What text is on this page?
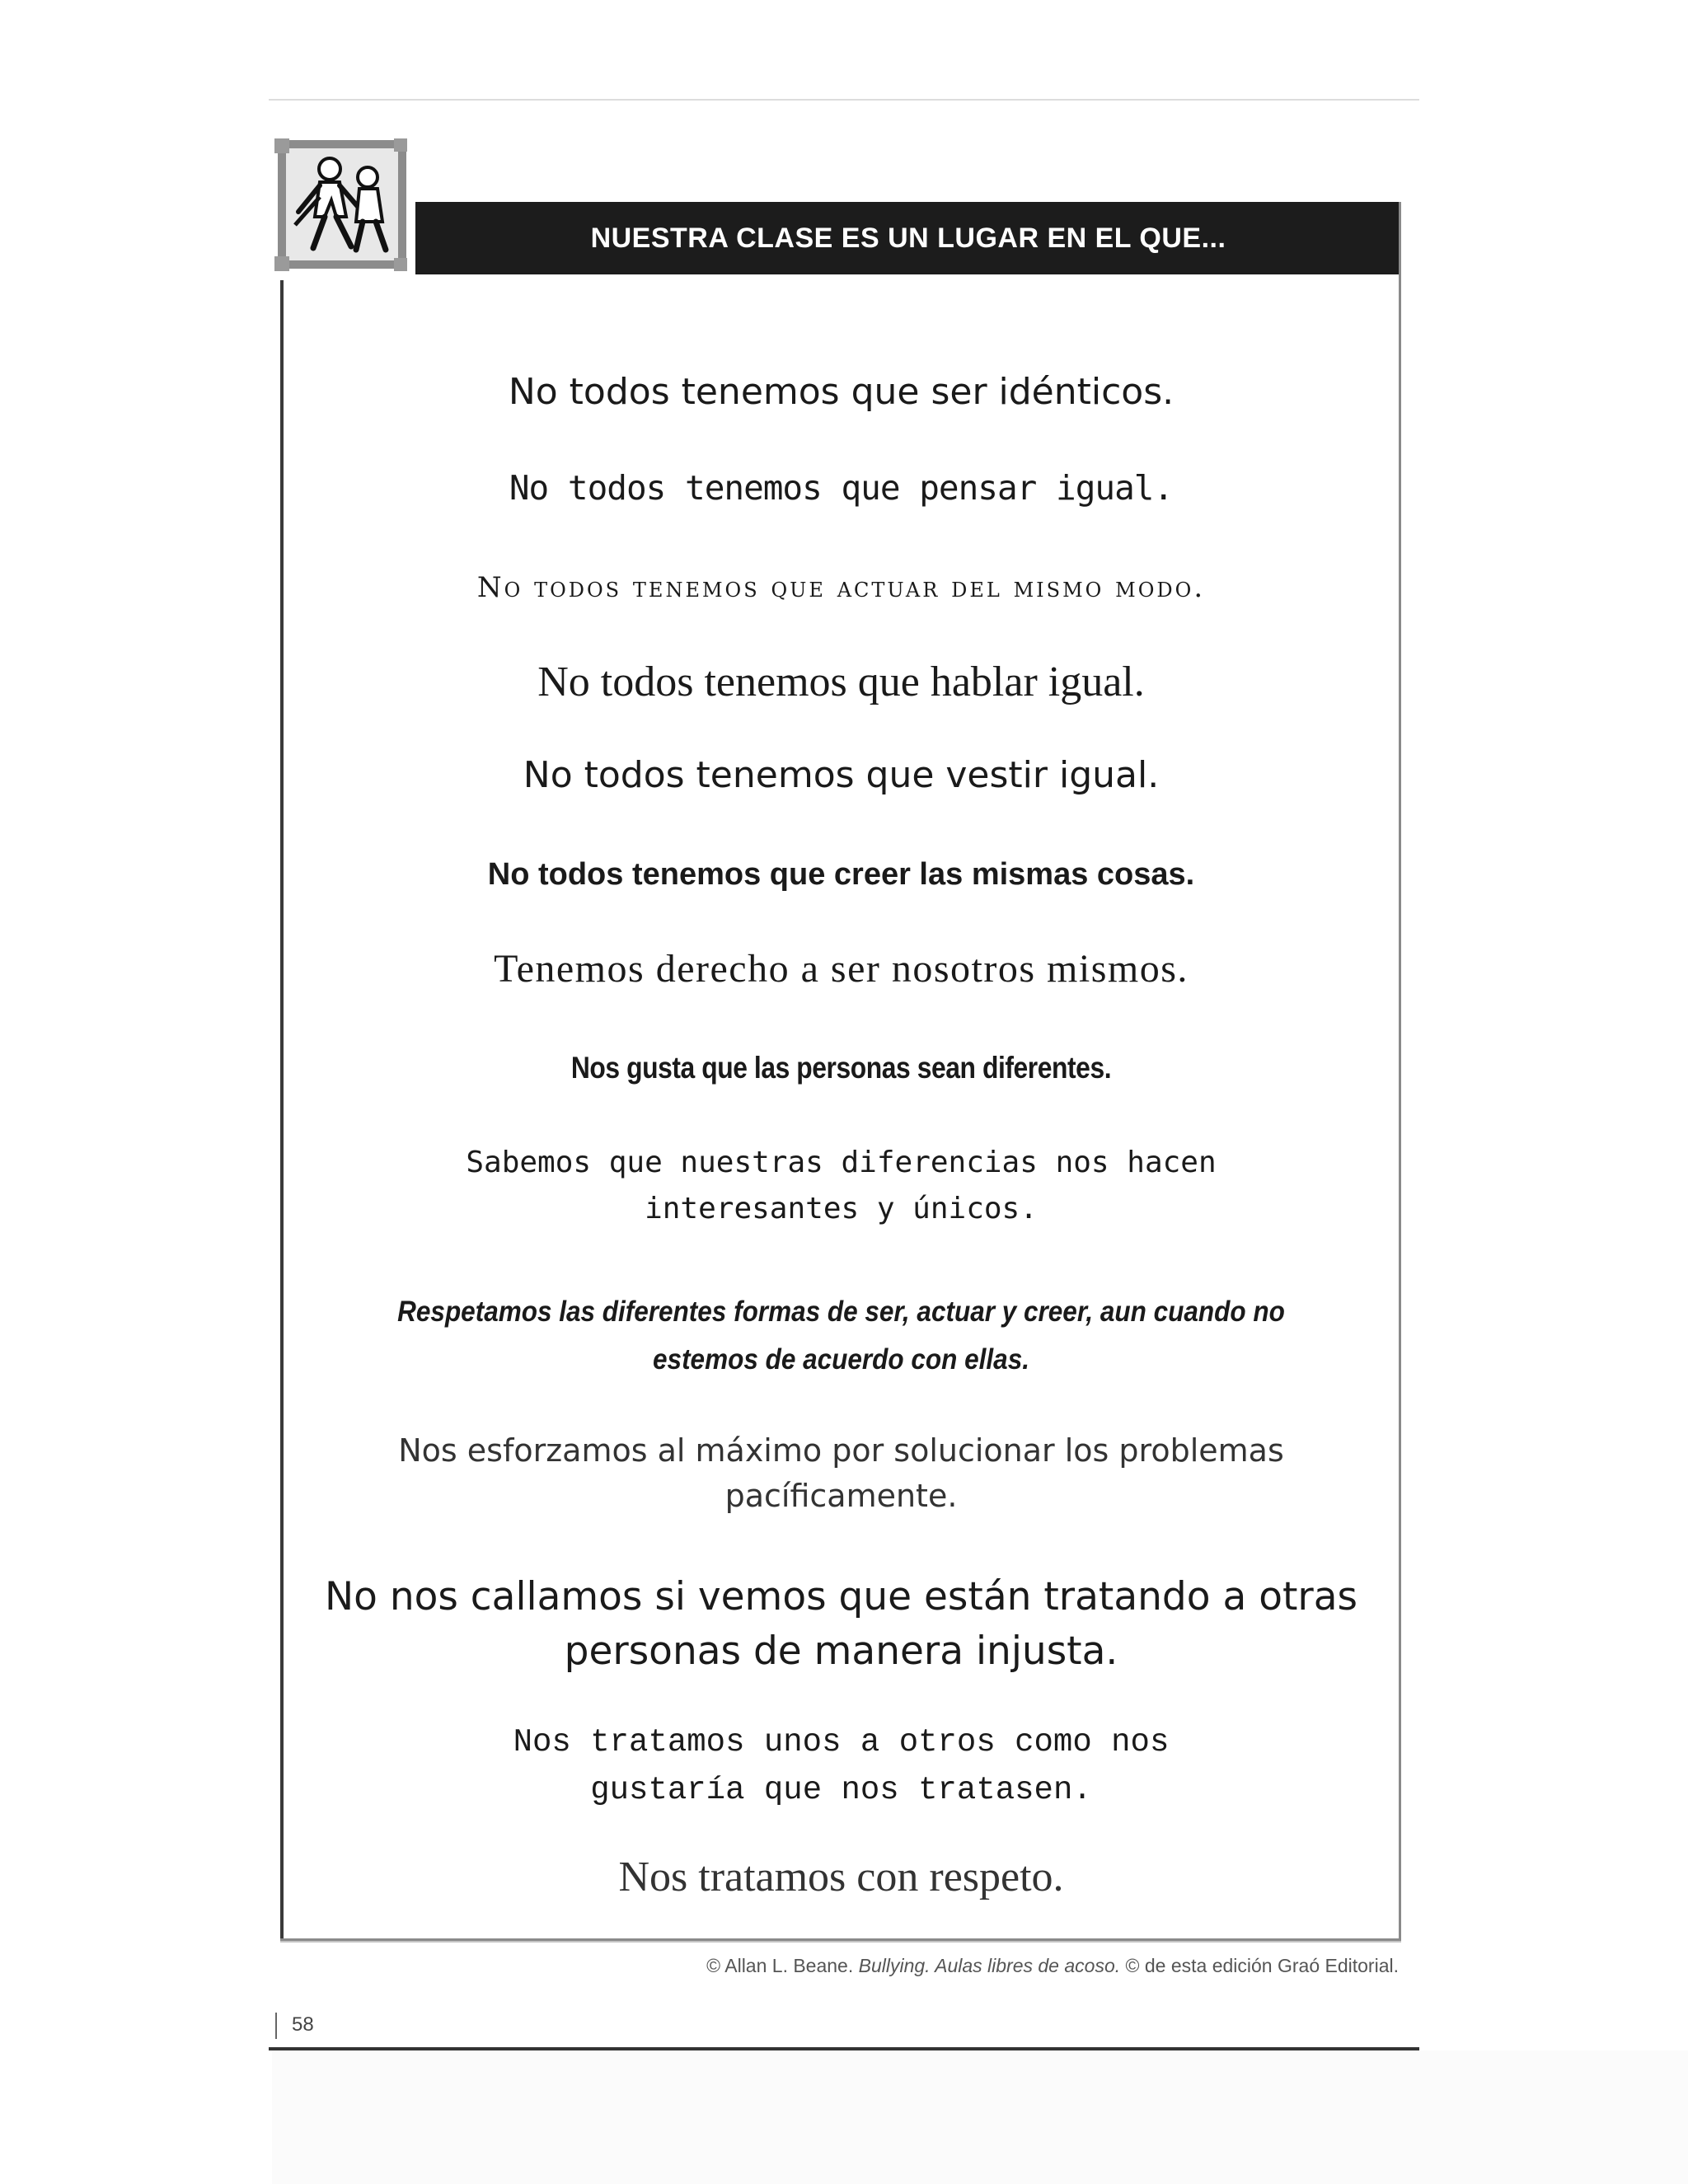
NUESTRA CLASE ES UN LUGAR EN EL QUE...

No todos tenemos que ser idénticos.

No todos tenemos que pensar igual.

No todos tenemos que actuar del mismo modo.

No todos tenemos que hablar igual.

No todos tenemos que vestir igual.

No todos tenemos que creer las mismas cosas.

Tenemos derecho a ser nosotros mismos.

Nos gusta que las personas sean diferentes.

Sabemos que nuestras diferencias nos hacen interesantes y únicos.

Respetamos las diferentes formas de ser, actuar y creer, aun cuando no estemos de acuerdo con ellas.

Nos esforzamos al máximo por solucionar los problemas pacíficamente.

No nos callamos si vemos que están tratando a otras personas de manera injusta.

Nos tratamos unos a otros como nos gustaría que nos tratasen.

Nos tratamos con respeto.

© Allan L. Beane. Bullying. Aulas libres de acoso. © de esta edición Graó Editorial.
58
